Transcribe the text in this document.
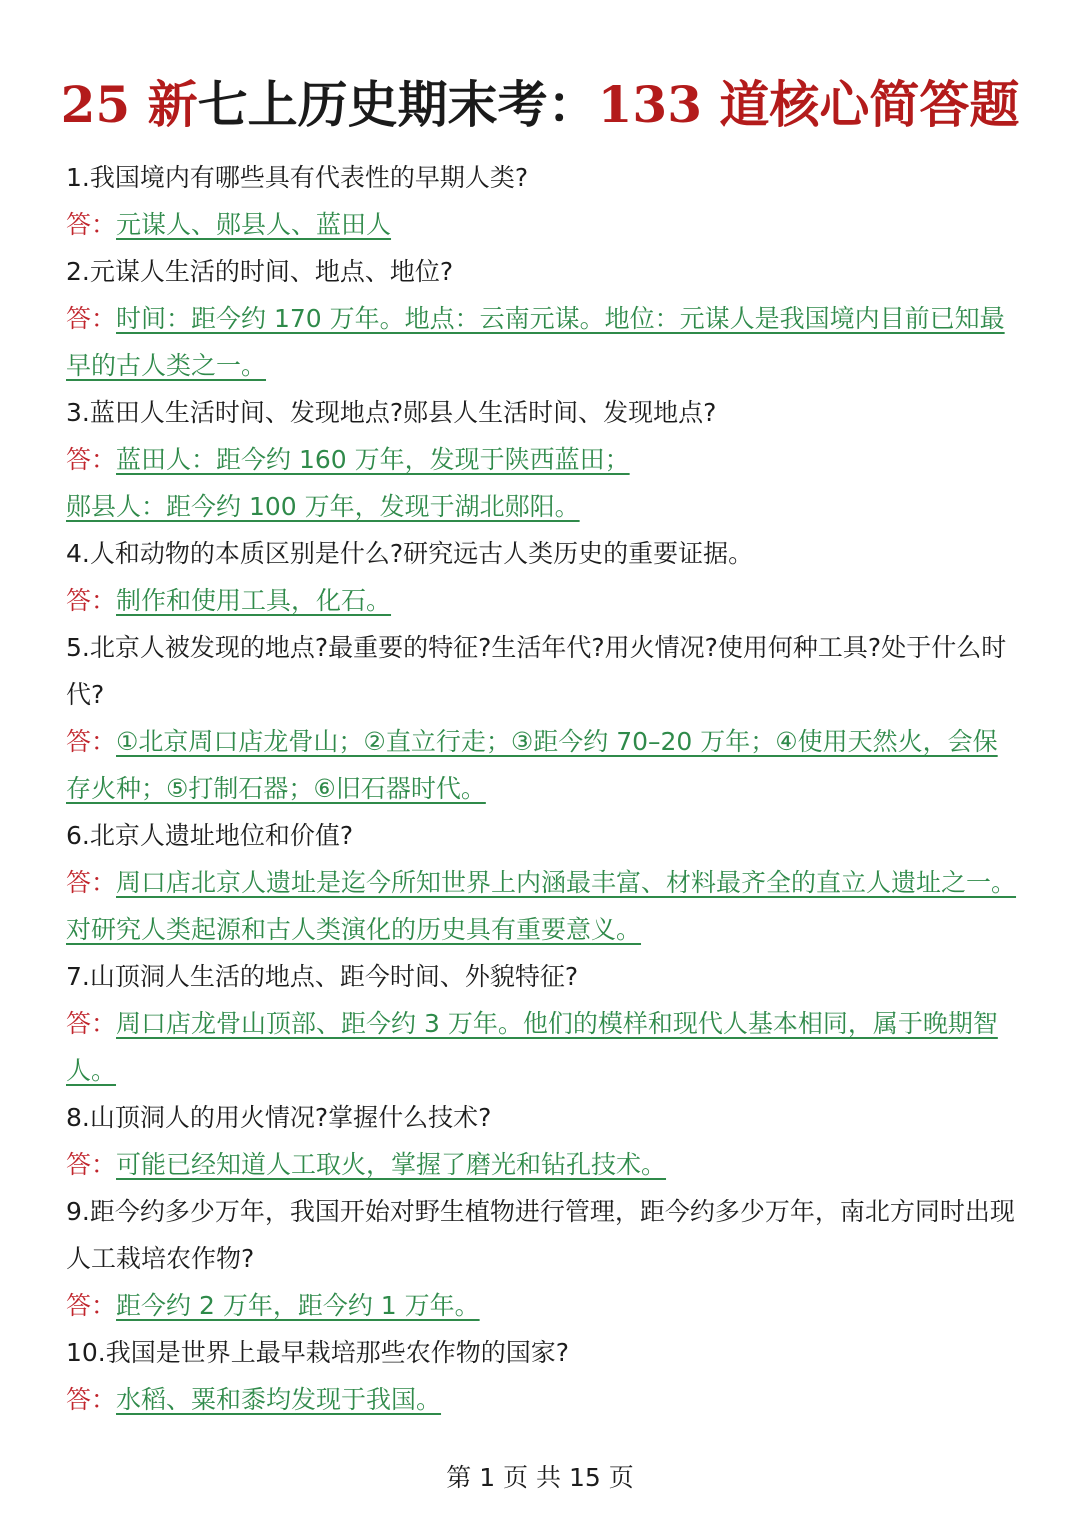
25 新七上历史期末考：133 道核心简答题

1.我国境内有哪些具有代表性的早期人类?

答：元谋人、郧县人、蓝田人

2.元谋人生活的时间、地点、地位?

答：时间：距今约 170 万年。地点：云南元谋。地位：元谋人是我国境内目前已知最早的古人类之一。

3.蓝田人生活时间、发现地点?郧县人生活时间、发现地点?

答：蓝田人：距今约 160 万年，发现于陕西蓝田；
郧县人：距今约 100 万年，发现于湖北郧阳。

4.人和动物的本质区别是什么?研究远古人类历史的重要证据。

答：制作和使用工具，化石。

5.北京人被发现的地点?最重要的特征?生活年代?用火情况?使用何种工具?处于什么时代?

答：①北京周口店龙骨山；②直立行走；③距今约 70–20 万年；④使用天然火，会保存火种；⑤打制石器；⑥旧石器时代。

6.北京人遗址地位和价值?

答：周口店北京人遗址是迄今所知世界上内涵最丰富、材料最齐全的直立人遗址之一。对研究人类起源和古人类演化的历史具有重要意义。

7.山顶洞人生活的地点、距今时间、外貌特征?

答：周口店龙骨山顶部、距今约 3 万年。他们的模样和现代人基本相同，属于晚期智人。

8.山顶洞人的用火情况?掌握什么技术?

答：可能已经知道人工取火，掌握了磨光和钻孔技术。

9.距今约多少万年，我国开始对野生植物进行管理，距今约多少万年，南北方同时出现人工栽培农作物?

答：距今约 2 万年，距今约 1 万年。

10.我国是世界上最早栽培那些农作物的国家?

答：水稻、粟和黍均发现于我国。

第 1 页 共 15 页
